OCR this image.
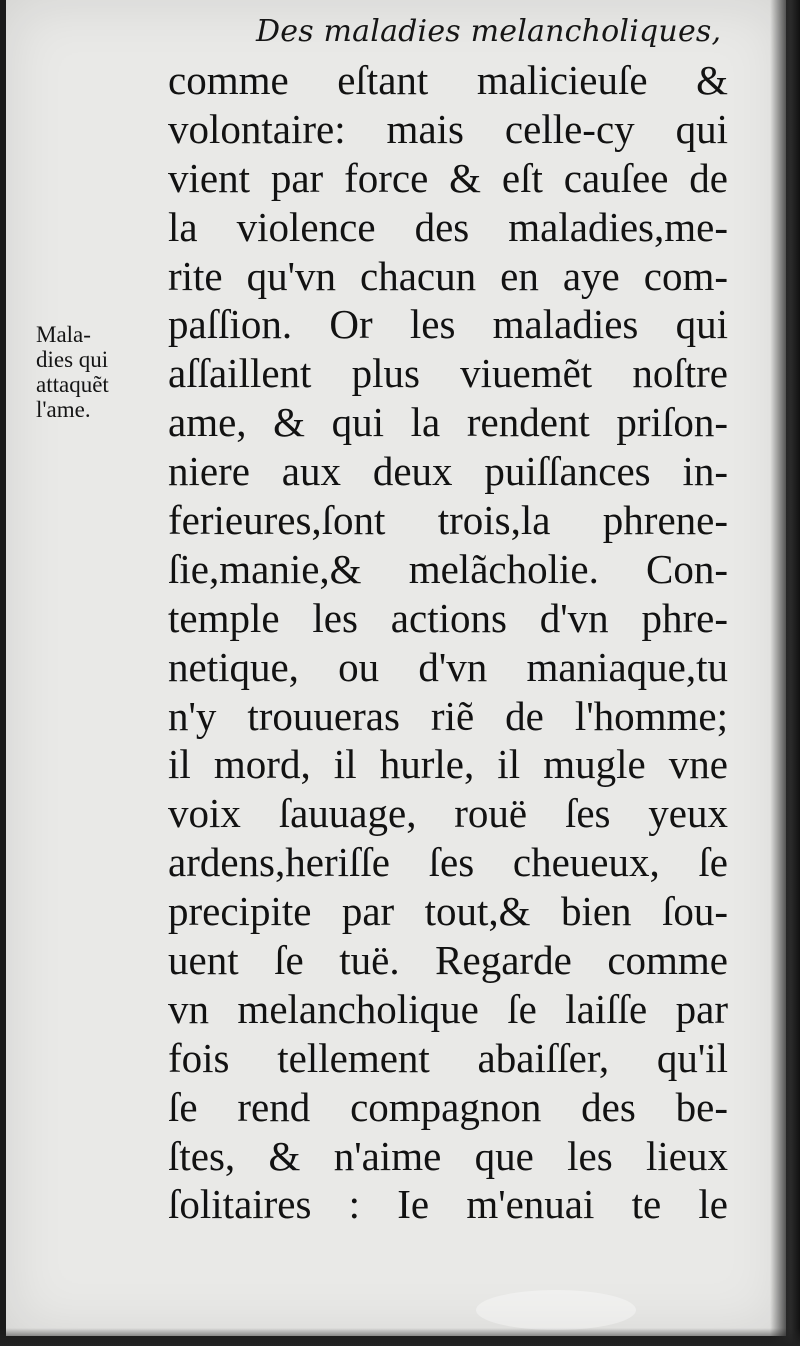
Des maladies melancholiques,
Mala-
dies qui
attaquẽt
l'ame.
comme eſtant malicieuſe &
volontaire: mais celle-cy qui
vient par force & eſt cauſee de
la violence des maladies,me-
rite qu'vn chacun en aye com-
paſſion. Or les maladies qui
aſſaillent plus viuemẽt noſtre
ame, & qui la rendent priſon-
niere aux deux puiſſances in-
ferieures,ſont trois,la phrene-
ſie,manie,& melãcholie. Con-
temple les actions d'vn phre-
netique, ou d'vn maniaque,tu
n'y trouueras riẽ de l'homme;
il mord, il hurle, il mugle vne
voix ſauuage, rouë ſes yeux
ardens,heriſſe ſes cheueux, ſe
precipite par tout,& bien ſou-
uent ſe tuë. Regarde comme
vn melancholique ſe laiſſe par
fois tellement abaiſſer, qu'il
ſe rend compagnon des be-
ſtes, & n'aime que les lieux
ſolitaires : Ie m'enuai te le
